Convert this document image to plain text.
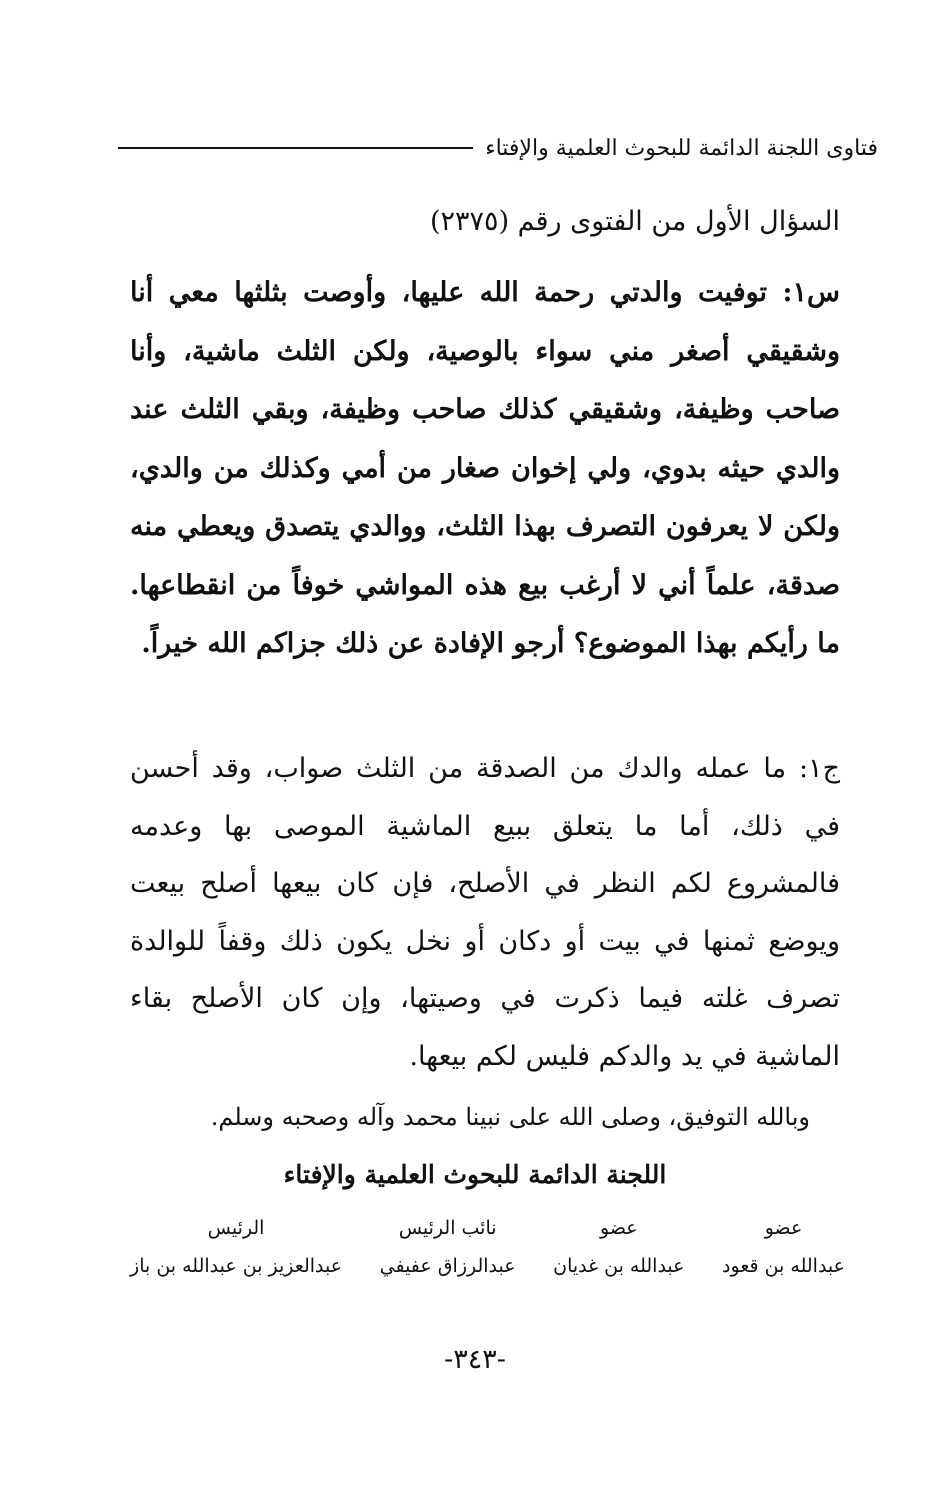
فتاوى اللجنة الدائمة للبحوث العلمية والإفتاء
السؤال الأول من الفتوى رقم (٢٣٧٥)
س١: توفيت والدتي رحمة الله عليها، وأوصت بثلثها معي أنا وشقيقي أصغر مني سواء بالوصية، ولكن الثلث ماشية، وأنا صاحب وظيفة، وشقيقي كذلك صاحب وظيفة، وبقي الثلث عند والدي حيثه بدوي، ولي إخوان صغار من أمي وكذلك من والدي، ولكن لا يعرفون التصرف بهذا الثلث، ووالدي يتصدق ويعطي منه صدقة، علماً أني لا أرغب بيع هذه المواشي خوفاً من انقطاعها. ما رأيكم بهذا الموضوع؟ أرجو الإفادة عن ذلك جزاكم الله خيراً.
ج١: ما عمله والدك من الصدقة من الثلث صواب، وقد أحسن في ذلك، أما ما يتعلق ببيع الماشية الموصى بها وعدمه فالمشروع لكم النظر في الأصلح، فإن كان بيعها أصلح بيعت ويوضع ثمنها في بيت أو دكان أو نخل يكون ذلك وقفاً للوالدة تصرف غلته فيما ذكرت في وصيتها، وإن كان الأصلح بقاء الماشية في يد والدكم فليس لكم بيعها.
وبالله التوفيق، وصلى الله على نبينا محمد وآله وصحبه وسلم.
اللجنة الدائمة للبحوث العلمية والإفتاء
عضو
عبدالله بن قعود
عضو
عبدالله بن غديان
نائب الرئيس
عبدالرزاق عفيفي
الرئيس
عبدالعزيز بن عبدالله بن باز
-٣٤٣-
